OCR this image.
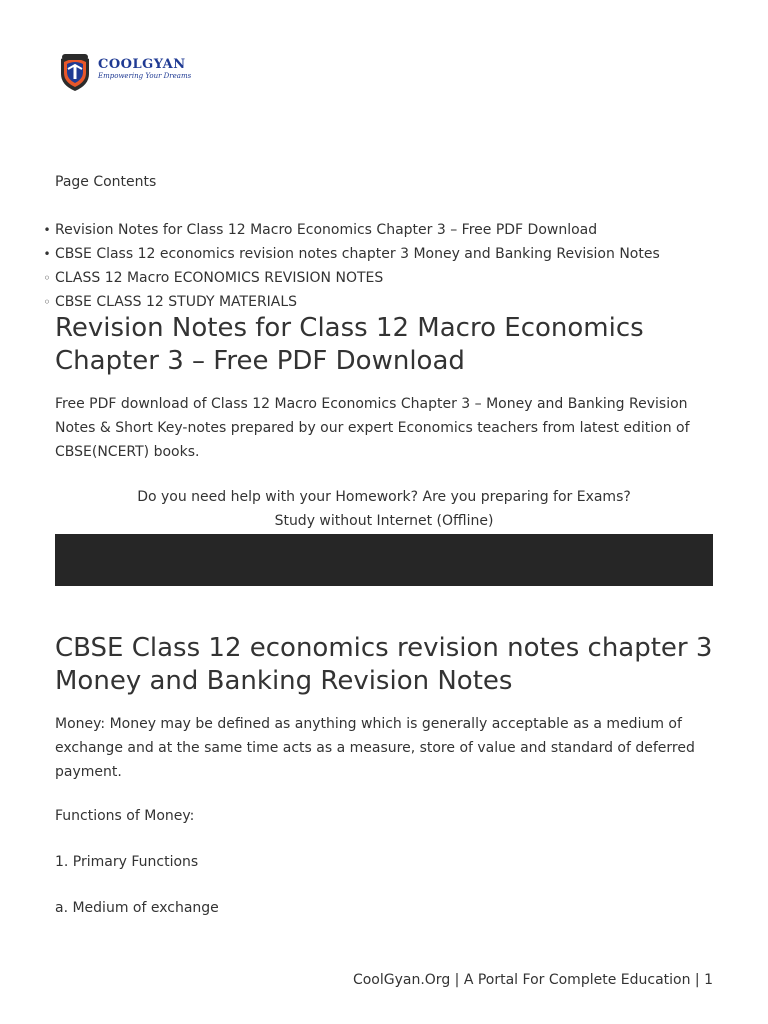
COOLGYAN
Empowering Your Dreams
Page Contents
• Revision Notes for Class 12 Macro Economics Chapter 3 – Free PDF Download
• CBSE Class 12 economics revision notes chapter 3 Money and Banking Revision Notes
◦ CLASS 12 Macro ECONOMICS REVISION NOTES
◦ CBSE CLASS 12 STUDY MATERIALS
Revision Notes for Class 12 Macro Economics Chapter 3 – Free PDF Download

Free PDF download of Class 12 Macro Economics Chapter 3 – Money and Banking Revision Notes & Short Key-notes prepared by our expert Economics teachers from latest edition of CBSE(NCERT) books.

Do you need help with your Homework? Are you preparing for Exams?
Study without Internet (Offline)
CBSE Class 12 economics revision notes chapter 3 Money and Banking Revision Notes

Money: Money may be defined as anything which is generally acceptable as a medium of exchange and at the same time acts as a measure, store of value and standard of deferred payment.

Functions of Money:
1. Primary Functions
a. Medium of exchange
CoolGyan.Org | A Portal For Complete Education | 1
